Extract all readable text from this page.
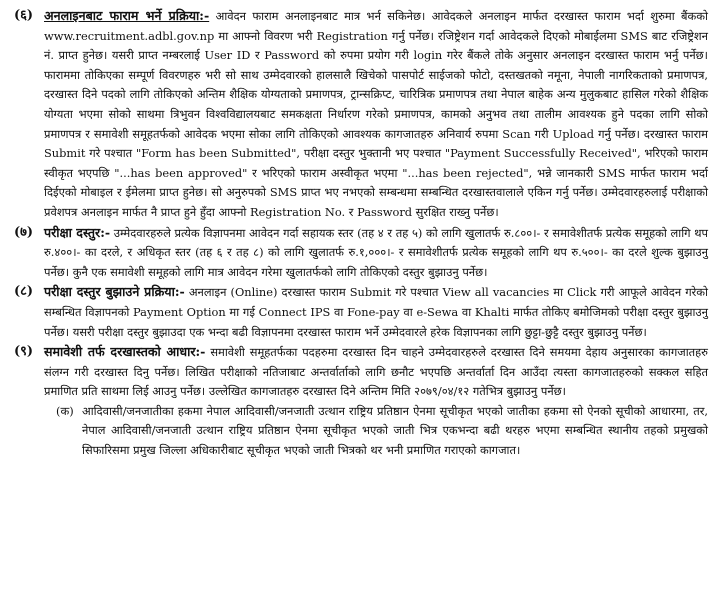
(६) अनलाइनबाट फाराम भर्ने प्रक्रिया:- आवेदन फाराम अनलाइनबाट मात्र भर्न सकिनेछ। आवेदकले अनलाइन मार्फत दरखास्त फाराम भर्दा शुरुमा बैंकको www.recruitment.adbl.gov.np मा आफ्नो विवरण भरी Registration गर्नु पर्नेछ। रजिष्ट्रेशन गर्दा आवेदकले दिएको मोबाईलमा SMS बाट रजिष्ट्रेशन नं. प्राप्त हुनेछ। यसरी प्राप्त नम्बरलाई User ID र Password को रुपमा प्रयोग गरी login गरेर बैंकले तोके अनुसार अनलाइन दरखास्त फाराम भर्नु पर्नेछ। फाराममा तोकिएका सम्पूर्ण विवरणहरु भरी सो साथ उम्मेदवारको हालसालै खिचेको पासपोर्ट साईजको फोटो, दस्तखतको नमूना, नेपाली नागरिकताको प्रमाणपत्र, दरखास्त दिने पदको लागि तोकिएको अन्तिम शैक्षिक योग्यताको प्रमाणपत्र, ट्रान्सक्रिप्ट, चारित्रिक प्रमाणपत्र तथा नेपाल बाहेक अन्य मुलुकबाट हासिल गरेको शैक्षिक योग्यता भएमा सोको साथमा त्रिभुवन विश्वविद्यालयबाट समकक्षता निर्धारण गरेको प्रमाणपत्र, कामको अनुभव तथा तालीम आवश्यक हुने पदका लागि सोको प्रमाणपत्र र समावेशी समूहतर्फको आवेदक भएमा सोका लागि तोकिएको आवश्यक कागजातहरु अनिवार्य रुपमा Scan गरी Upload गर्नु पर्नेछ। दरखास्त फाराम Submit गरे पश्चात "Form has been Submitted", परीक्षा दस्तुर भुक्तानी भए पश्चात "Payment Successfully Received", भरिएको फाराम स्वीकृत भएपछि "...has been approved" र भरिएको फाराम अस्वीकृत भएमा "...has been rejected", भन्ने जानकारी SMS मार्फत फाराम भर्दा दिईएको मोबाइल र ईमेलमा प्राप्त हुनेछ। सो अनुरुपको SMS प्राप्त भए नभएको सम्बन्धमा सम्बन्धित दरखास्तवालाले एकिन गर्नु पर्नेछ। उम्मेदवारहरुलाई परीक्षाको प्रवेशपत्र अनलाइन मार्फत नै प्राप्त हुने हुँदा आफ्नो Registration No. र Password सुरक्षित राख्नु पर्नेछ।
(७) परीक्षा दस्तुर:- उम्मेदवारहरुले प्रत्येक विज्ञापनमा आवेदन गर्दा सहायक स्तर (तह ४ र तह ५) को लागि खुलातर्फ रु.८००।- र समावेशीतर्फ प्रत्येक समूहको लागि थप रु.४००।- का दरले, र अधिकृत स्तर (तह ६ र तह ८) को लागि खुलातर्फ रु.१,०००।- र समावेशीतर्फ प्रत्येक समूहको लागि थप रु.५००।- का दरले शुल्क बुझाउनु पर्नेछ। कुनै एक समावेशी समूहको लागि मात्र आवेदन गरेमा खुलातर्फको लागि तोकिएको दस्तुर बुझाउनु पर्नेछ।
(८) परीक्षा दस्तुर बुझाउने प्रक्रिया:- अनलाइन (Online) दरखास्त फाराम Submit गरे पश्चात View all vacancies मा Click गरी आफूले आवेदन गरेको सम्बन्धित विज्ञापनको Payment Option मा गई Connect IPS वा Fone-pay वा e-Sewa वा Khalti मार्फत तोकिए बमोजिमको परीक्षा दस्तुर बुझाउनु पर्नेछ। यसरी परीक्षा दस्तुर बुझाउदा एक भन्दा बढी विज्ञापनमा दरखास्त फाराम भर्ने उम्मेदवारले हरेक विज्ञापनका लागि छुट्टा-छुट्टै दस्तुर बुझाउनु पर्नेछ।
(९) समावेशी तर्फ दरखास्तको आधार:- समावेशी समूहतर्फका पदहरुमा दरखास्त दिन चाहने उम्मेदवारहरुले दरखास्त दिने समयमा देहाय अनुसारका कागजातहरु संलग्न गरी दरखास्त दिनु पर्नेछ। लिखित परीक्षाको नतिजाबाट अन्तर्वार्ताको लागि छनौट भएपछि अन्तर्वार्ता दिन आउँदा त्यस्ता कागजातहरुको सक्कल सहित प्रमाणित प्रति साथमा लिई आउनु पर्नेछ। उल्लेखित कागजातहरु दरखास्त दिने अन्तिम मिति २०७९/०४/१२ गतेभित्र बुझाउनु पर्नेछ।
(क) आदिवासी/जनजातीका हकमा नेपाल आदिवासी/जनजाती उत्थान राष्ट्रिय प्रतिष्ठान ऐनमा सूचीकृत भएको जातीका हकमा सो ऐनको सूचीको आधारमा, तर, नेपाल आदिवासी/जनजाती उत्थान राष्ट्रिय प्रतिष्ठान ऐनमा सूचीकृत भएको जाती भित्र एकभन्दा बढी थरहरु भएमा सम्बन्धित स्थानीय तहको प्रमुखको सिफारिसमा प्रमुख जिल्ला अधिकारीबाट सूचीकृत भएको जाती भित्रको थर भनी प्रमाणित गराएको कागजात।
